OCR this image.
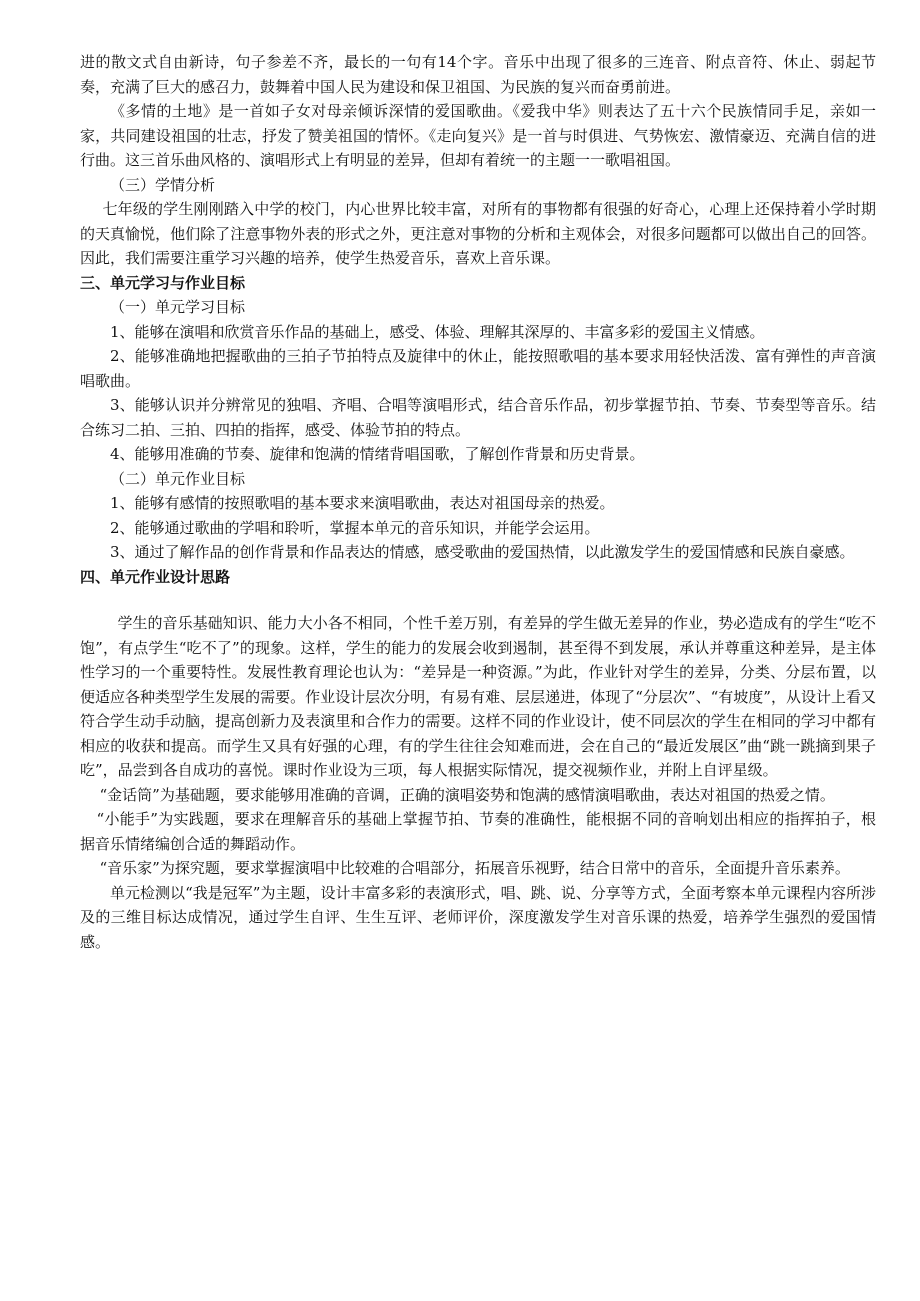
进的散文式自由新诗，句子参差不齐，最长的一句有14个字。音乐中出现了很多的三连音、附点音符、休止、弱起节奏，充满了巨大的感召力，鼓舞着中国人民为建设和保卫祖国、为民族的复兴而奋勇前进。

《多情的土地》是一首如子女对母亲倾诉深情的爱国歌曲。《爱我中华》则表达了五十六个民族情同手足，亲如一家，共同建设祖国的壮志，抒发了赞美祖国的情怀。《走向复兴》是一首与时俱进、气势恢宏、激情豪迈、充满自信的进行曲。这三首乐曲风格的、演唱形式上有明显的差异，但却有着统一的主题一一歌唱祖国。

（三）学情分析

七年级的学生刚刚踏入中学的校门，内心世界比较丰富，对所有的事物都有很强的好奇心，心理上还保持着小学时期的天真愉悦，他们除了注意事物外表的形式之外，更注意对事物的分析和主观体会，对很多问题都可以做出自己的回答。因此，我们需要注重学习兴趣的培养，使学生热爱音乐，喜欢上音乐课。

三、单元学习与作业目标

（一）单元学习目标

1、能够在演唱和欣赏音乐作品的基础上，感受、体验、理解其深厚的、丰富多彩的爱国主义情感。

2、能够准确地把握歌曲的三拍子节拍特点及旋律中的休止，能按照歌唱的基本要求用轻快活泼、富有弹性的声音演唱歌曲。

3、能够认识并分辨常见的独唱、齐唱、合唱等演唱形式，结合音乐作品，初步掌握节拍、节奏、节奏型等音乐。结合练习二拍、三拍、四拍的指挥，感受、体验节拍的特点。

4、能够用准确的节奏、旋律和饱满的情绪背唱国歌，了解创作背景和历史背景。

（二）单元作业目标

1、能够有感情的按照歌唱的基本要求来演唱歌曲，表达对祖国母亲的热爱。

2、能够通过歌曲的学唱和聆听，掌握本单元的音乐知识，并能学会运用。

3、通过了解作品的创作背景和作品表达的情感，感受歌曲的爱国热情，以此激发学生的爱国情感和民族自豪感。

四、单元作业设计思路

学生的音乐基础知识、能力大小各不相同，个性千差万别，有差异的学生做无差异的作业，势必造成有的学生“吃不饱”，有点学生“吃不了”的现象。这样，学生的能力的发展会收到遏制，甚至得不到发展，承认并尊重这种差异，是主体性学习的一个重要特性。发展性教育理论也认为：“差异是一种资源。”为此，作业针对学生的差异，分类、分层布置，以便适应各种类型学生发展的需要。作业设计层次分明，有易有难、层层递进，体现了“分层次”、“有坡度”，从设计上看又符合学生动手动脑，提高创新力及表演里和合作力的需要。这样不同的作业设计，使不同层次的学生在相同的学习中都有相应的收获和提高。而学生又具有好强的心理，有的学生往往会知难而进，会在自己的“最近发展区”曲“跳一跳摘到果子吃”，品尝到各自成功的喜悦。课时作业设为三项，每人根据实际情况，提交视频作业，并附上自评星级。

“金话筒”为基础题，要求能够用准确的音调，正确的演唱姿势和饱满的感情演唱歌曲，表达对祖国的热爱之情。

“小能手”为实践题，要求在理解音乐的基础上掌握节拍、节奏的准确性，能根据不同的音响划出相应的指挥拍子，根据音乐情绪编创合适的舞蹈动作。

“音乐家”为探究题，要求掌握演唱中比较难的合唱部分，拓展音乐视野，结合日常中的音乐，全面提升音乐素养。

单元检测以“我是冠军”为主题，设计丰富多彩的表演形式，唱、跳、说、分享等方式，全面考察本单元课程内容所涉及的三维目标达成情况，通过学生自评、生生互评、老师评价，深度激发学生对音乐课的热爱，培养学生强烈的爱国情感。
